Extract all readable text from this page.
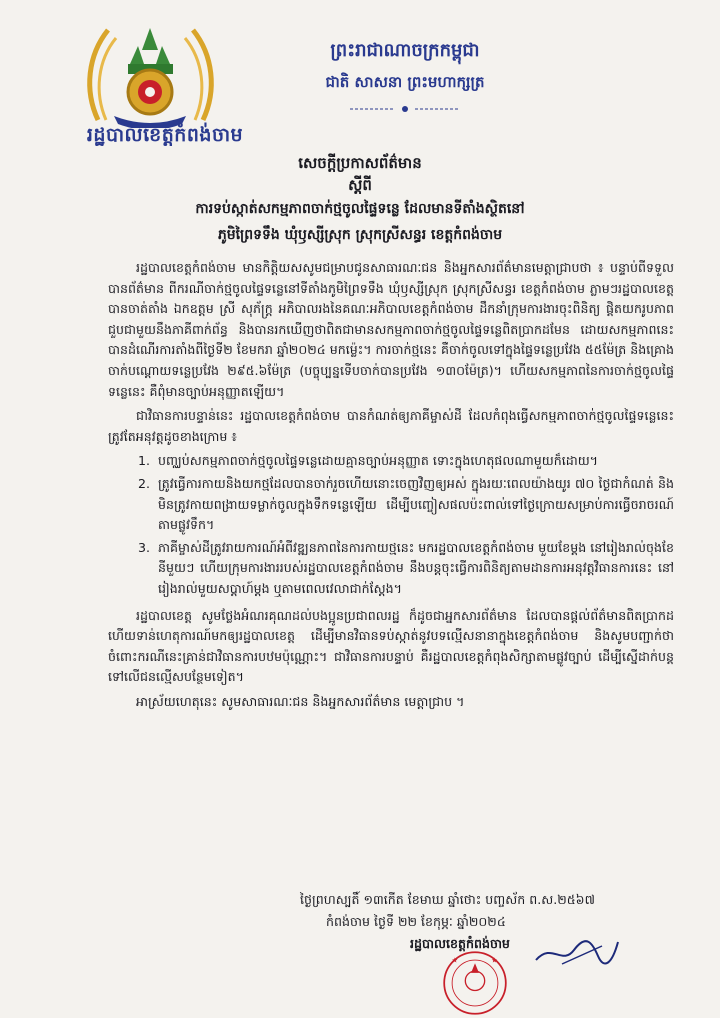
រដ្ឋបាលខេត្តកំពង់ចាម
ព្រះរាជាណាចក្រកម្ពុជា
ជាតិ សាសនា ព្រះមហាក្សត្រ
សេចក្ដីប្រកាសព័ត៌មាន
ស្ដីពី
ការទប់ស្កាត់សកម្មភាពចាក់ថ្មចូលផ្ទៃទន្លេ ដែលមានទីតាំងស្ថិតនៅ
ភូមិព្រៃទទឹង ឃុំឫស្សីស្រុក ស្រុកស្រីសន្ធរ ខេត្តកំពង់ចាម

រដ្ឋបាលខេត្តកំពង់ចាម មានកិត្តិយសសូមជម្រាបជូនសាធារណៈជន និងអ្នកសារព័ត៌មានមេត្តាជ្រាបថា ៖ បន្ទាប់ពីទទួលបានព័ត៌មាន ពីករណីចាក់ថ្មចូលផ្ទៃទន្លេនៅទីតាំងភូមិព្រៃទទឹង ឃុំឫស្សីស្រុក ស្រុកស្រីសន្ធរ ខេត្តកំពង់ចាម ភ្លាមៗរដ្ឋបាលខេត្ត បានចាត់តាំង ឯកឧត្តម ស្រី សុភ័ក្ត្រ អភិបាលរងនៃគណៈអភិបាលខេត្តកំពង់ចាម ដឹកនាំក្រុមការងារចុះពិនិត្យ ផ្ដិតយករូបភាព ជួបជាមួយនឹងភាគីពាក់ព័ន្ធ និងបានរកឃើញថាពិតជាមានសកម្មភាពចាក់ថ្មចូលផ្ទៃទន្លេពិតប្រាកដមែន ដោយសកម្មភាពនេះបានដំណើរការតាំងពីថ្ងៃទី២ ខែមករា ឆ្នាំ២០២៤ មកម្ល៉េះ។ ការចាក់ថ្មនេះ គឺចាក់ចូលទៅក្នុងផ្ទៃទន្លេប្រវែង ៥៥ម៉ែត្រ និងគ្រោងចាក់បណ្ដោយទន្លេប្រវែង ២៩៥.៦ម៉ែត្រ (បច្ចុប្បន្នទើបចាក់បានប្រវែង ១៣០ម៉ែត្រ)។ ហើយសកម្មភាពនៃការចាក់ថ្មចូលផ្ទៃទន្លេនេះ គឺពុំមានច្បាប់អនុញ្ញាតឡើយ។

ជាវិធានការបន្ទាន់នេះ រដ្ឋបាលខេត្តកំពង់ចាម បានកំណត់ឲ្យភាគីម្ចាស់ដី ដែលកំពុងធ្វើសកម្មភាពចាក់ថ្មចូលផ្ទៃទន្លេនេះ ត្រូវតែអនុវត្តដូចខាងក្រោម ៖

1. បញ្ឈប់សកម្មភាពចាក់ថ្មចូលផ្ទៃទន្លេដោយគ្មានច្បាប់អនុញ្ញាត ទោះក្នុងហេតុផលណាមួយក៏ដោយ។
2. ត្រូវធ្វើការកាយនិងយកថ្មដែលបានចាក់រួចហើយនោះចេញវិញឲ្យអស់ ក្នុងរយៈពេលយ៉ាងយូរ ៧០ ថ្ងៃជាកំណត់ និងមិនត្រូវកាយពង្រាយទម្លាក់ចូលក្នុងទឹកទន្លេឡើយ ដើម្បីបញ្ចៀសផលប៉ះពាល់ទៅថ្ងៃក្រោយសម្រាប់ការធ្វើចរាចរណ៍តាមផ្លូវទឹក។
3. ភាគីម្ចាស់ដីត្រូវរាយការណ៍អំពីវឌ្ឍនភាពនៃការកាយថ្មនេះ មករដ្ឋបាលខេត្តកំពង់ចាម មួយខែម្ដង នៅរៀងរាល់ចុងខែនីមួយៗ ហើយក្រុមការងាររបស់រដ្ឋបាលខេត្តកំពង់ចាម នឹងបន្តចុះធ្វើការពិនិត្យតាមដានការអនុវត្តវិធានការនេះ នៅរៀងរាល់មួយសប្ដាហ៍ម្ដង ឬតាមពេលវេលាជាក់ស្ដែង។

រដ្ឋបាលខេត្ត សូមថ្លែងអំណរគុណដល់បងប្អូនប្រជាពលរដ្ឋ ក៏ដូចជាអ្នកសារព័ត៌មាន ដែលបានផ្ដល់ព័ត៌មានពិតប្រាកដ ហើយទាន់ហេតុការណ៍មកឲ្យរដ្ឋបាលខេត្ត ដើម្បីមានវិធានទប់ស្កាត់នូវបទល្មើសនានាក្នុងខេត្តកំពង់ចាម និងសូមបញ្ជាក់ថា ចំពោះករណីនេះគ្រាន់ជាវិធានការបឋមប៉ុណ្ណោះ។ ជាវិធានការបន្ទាប់ គឺរដ្ឋបាលខេត្តកំពុងសិក្សាតាមផ្លូវច្បាប់ ដើម្បីស្នើដាក់បន្តទៅលើជនល្មើសបន្ថែមទៀត។

អាស្រ័យហេតុនេះ សូមសាធារណៈជន និងអ្នកសារព័ត៌មាន មេត្តាជ្រាប ។

ថ្ងៃព្រហស្បតិ៍ ១៣កើត ខែមាឃ ឆ្នាំថោះ បញ្ចស័ក ព.ស.២៥៦៧
កំពង់ចាម ថ្ងៃទី ២២ ខែកុម្ភៈ ឆ្នាំ២០២៤
រដ្ឋបាលខេត្តកំពង់ចាម
★ ★
